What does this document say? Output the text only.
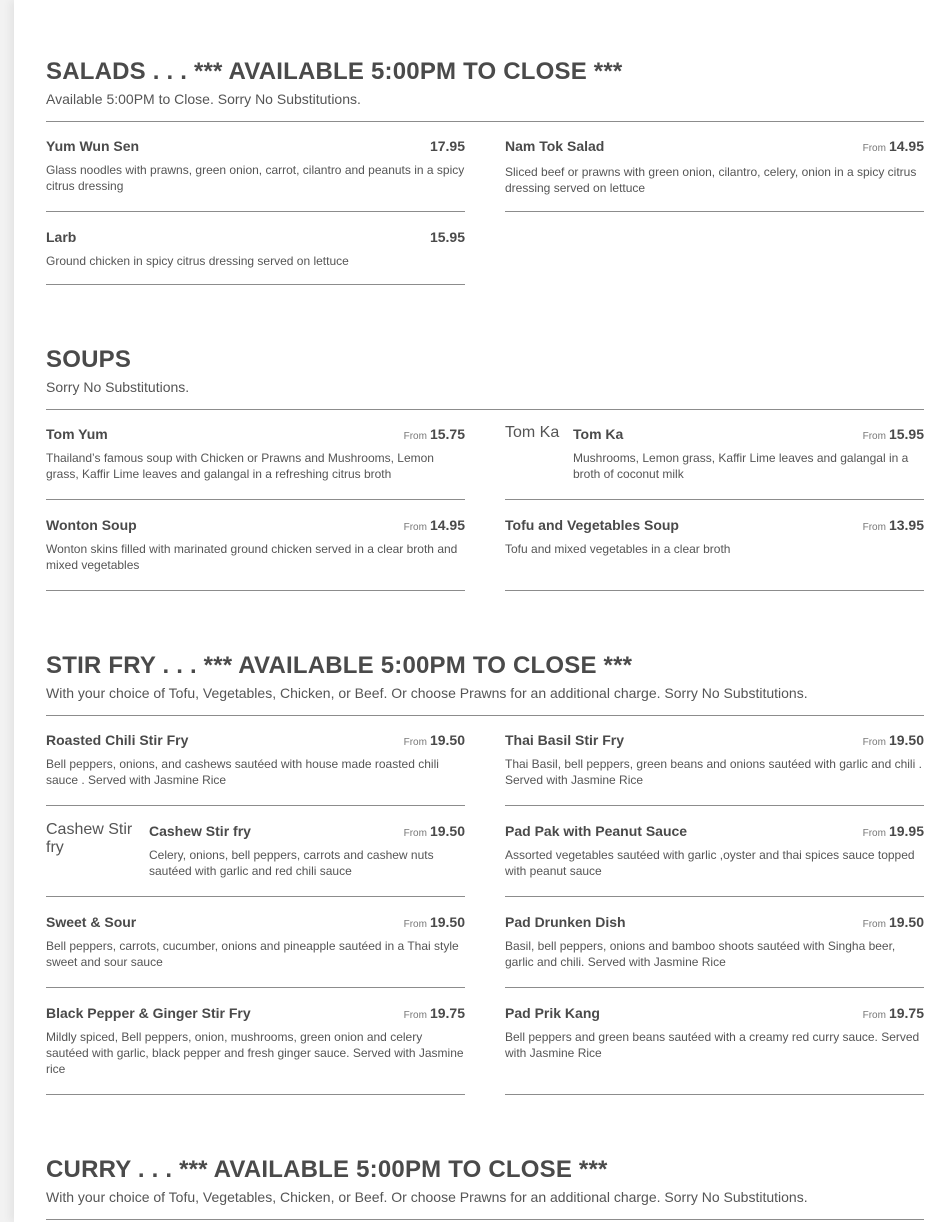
SALADS . . . *** AVAILABLE 5:00PM TO CLOSE ***
Available 5:00PM to Close. Sorry No Substitutions.
Yum Wun Sen	17.95
Glass noodles with prawns, green onion, carrot, cilantro and peanuts in a spicy citrus dressing
Nam Tok Salad	From 14.95
Sliced beef or prawns with green onion, cilantro, celery, onion in a spicy citrus dressing served on lettuce
Larb	15.95
Ground chicken in spicy citrus dressing served on lettuce
SOUPS
Sorry No Substitutions.
Tom Yum	From 15.75
Thailand’s famous soup with Chicken or Prawns and Mushrooms, Lemon grass, Kaffir Lime leaves and galangal in a refreshing citrus broth
Tom Ka Tom Ka	From 15.95
Mushrooms, Lemon grass, Kaffir Lime leaves and galangal in a broth of coconut milk
Wonton Soup	From 14.95
Wonton skins filled with marinated ground chicken served in a clear broth and mixed vegetables
Tofu and Vegetables Soup	From 13.95
Tofu and mixed vegetables in a clear broth
STIR FRY . . . *** AVAILABLE 5:00PM TO CLOSE ***
With your choice of Tofu, Vegetables, Chicken, or Beef. Or choose Prawns for an additional charge. Sorry No Substitutions.
Roasted Chili Stir Fry	From 19.50
Bell peppers, onions, and cashews sautéed with house made roasted chili sauce . Served with Jasmine Rice
Thai Basil Stir Fry	From 19.50
Thai Basil, bell peppers, green beans and onions sautéed with garlic and chili . Served with Jasmine Rice
Cashew Stir fry
Cashew Stir fry	From 19.50
Celery, onions, bell peppers, carrots and cashew nuts sautéed with garlic and red chili sauce
Pad Pak with Peanut Sauce	From 19.95
Assorted vegetables sautéed with garlic ,oyster and thai spices sauce topped with peanut sauce
Sweet & Sour	From 19.50
Bell peppers, carrots, cucumber, onions and pineapple sautéed in a Thai style sweet and sour sauce
Pad Drunken Dish	From 19.50
Basil, bell peppers, onions and bamboo shoots sautéed with Singha beer, garlic and chili. Served with Jasmine Rice
Black Pepper & Ginger Stir Fry	From 19.75
Mildly spiced, Bell peppers, onion, mushrooms, green onion and celery sautéed with garlic, black pepper and fresh ginger sauce. Served with Jasmine rice
Pad Prik Kang	From 19.75
Bell peppers and green beans sautéed with a creamy red curry sauce. Served with Jasmine Rice
CURRY . . . *** AVAILABLE 5:00PM TO CLOSE ***
With your choice of Tofu, Vegetables, Chicken, or Beef. Or choose Prawns for an additional charge. Sorry No Substitutions.
